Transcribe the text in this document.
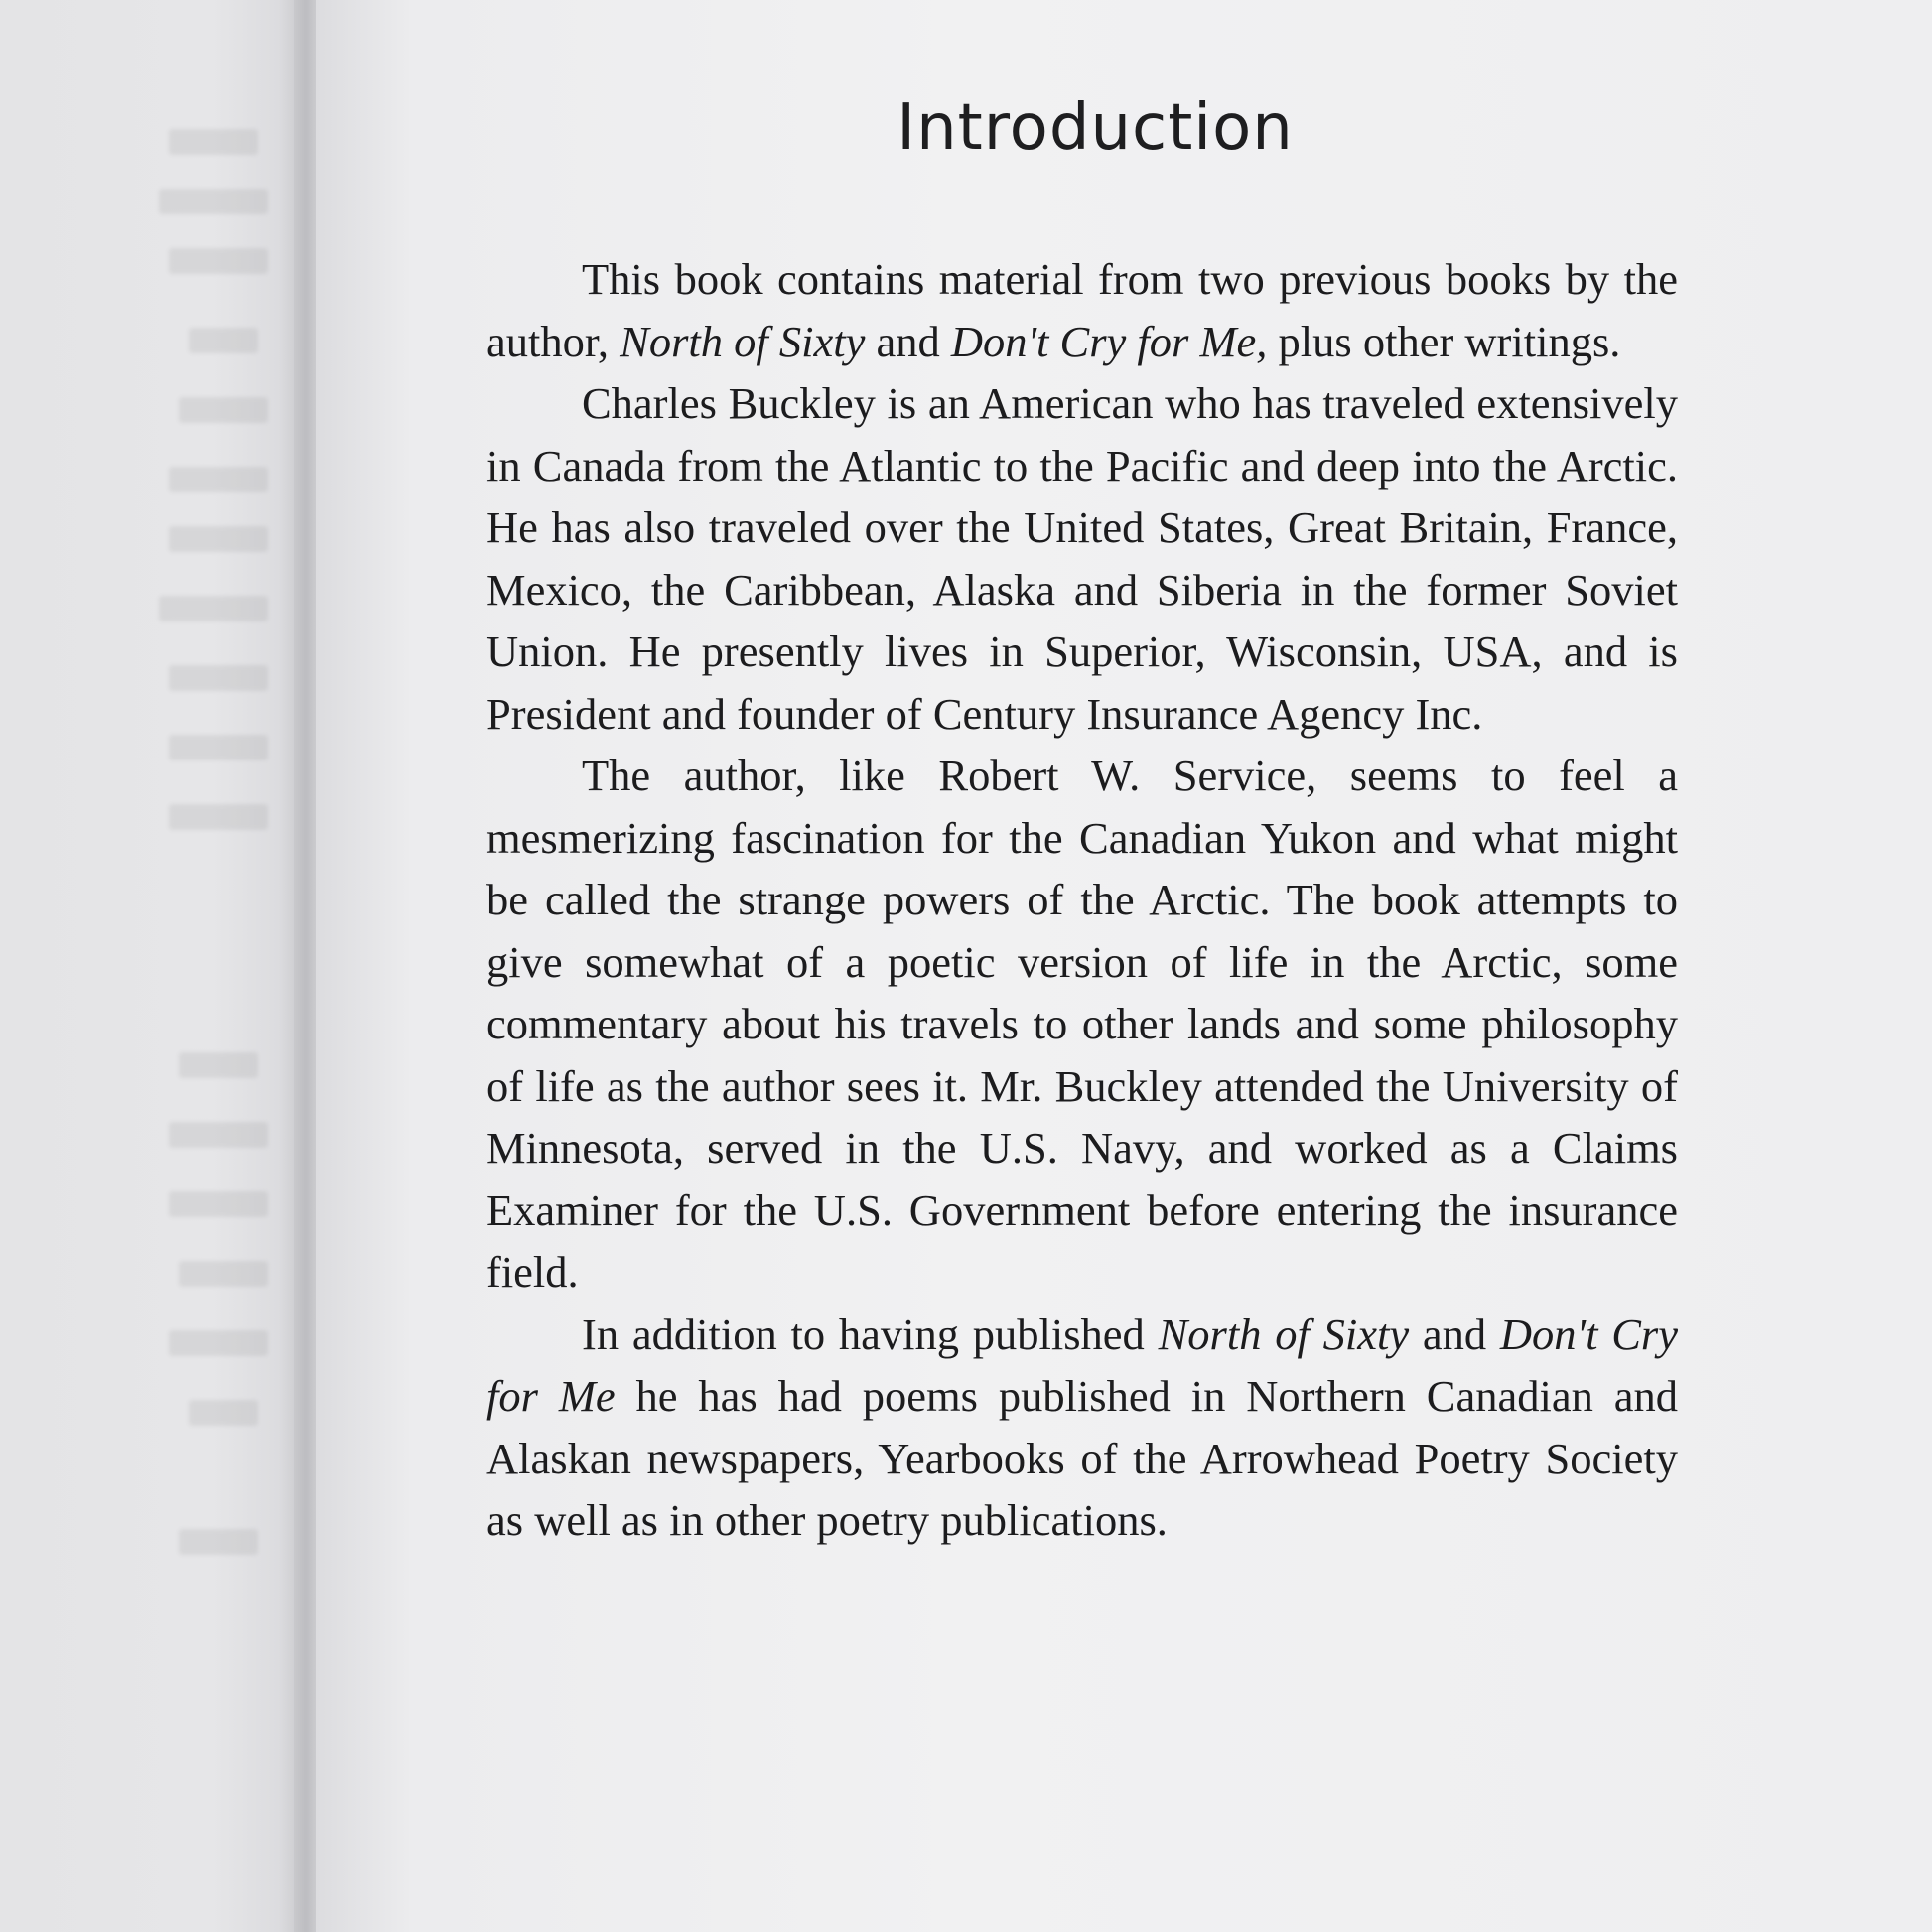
Introduction

This book contains material from two previous books by the author, North of Sixty and Don't Cry for Me, plus other writings.

Charles Buckley is an American who has traveled extensively in Canada from the Atlantic to the Pacific and deep into the Arctic. He has also traveled over the United States, Great Britain, France, Mexico, the Caribbean, Alaska and Siberia in the former Soviet Union. He presently lives in Superior, Wisconsin, USA, and is President and founder of Century Insurance Agency Inc.

The author, like Robert W. Service, seems to feel a mesmerizing fascination for the Canadian Yukon and what might be called the strange powers of the Arctic. The book attempts to give somewhat of a poetic version of life in the Arctic, some commentary about his travels to other lands and some philosophy of life as the author sees it. Mr. Buckley attended the University of Minnesota, served in the U.S. Navy, and worked as a Claims Examiner for the U.S. Government before entering the insurance field.

In addition to having published North of Sixty and Don't Cry for Me he has had poems published in Northern Canadian and Alaskan newspapers, Yearbooks of the Arrowhead Poetry Society as well as in other poetry publications.
